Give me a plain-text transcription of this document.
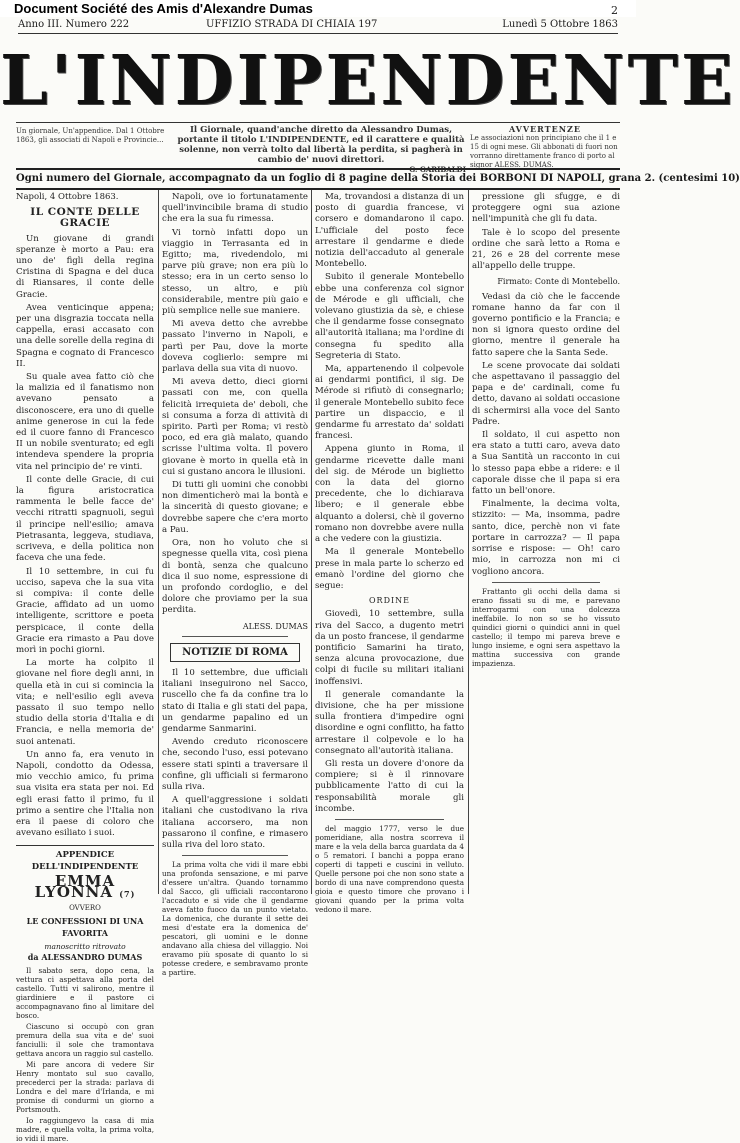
Document Société des Amis d'Alexandre Dumas	2
Anno III. Numero 222	UFFIZIO STRADA DI CHIAIA 197	Lunedì 5 Ottobre 1863
L'INDIPENDENTE
Un giornale, Un'appendice. Dal 1 Ottobre 1863, gli associati di Napoli e Provincie...
Il Giornale, quand'anche diretto da Alessandro Dumas, portante il titolo L'INDIPENDENTE, ed il carattere e qualità solenne, non verrà tolto dal libertà la perdita, si pagherà in cambio de' nuovi direttori.
G. GARIBALDI
AVVERTENZE
Le associazioni non principiano che il 1 e 15 di ogni mese. Gli abbonati di fuori non vorranno direttamente franco di porto al signor ALESS. DUMAS.
Ogni numero del Giornale, accompagnato da un foglio di 8 pagine della Storia dei BORBONI DI NAPOLI, grana 2. (centesimi 10)
Napoli, 4 Ottobre 1863.
IL CONTE DELLE GRACIE

Un giovane di grandi speranze è morto a Pau: era uno de' figli della regina Cristina di Spagna e del duca di Riansares, il conte delle Gracie.

Avea venticinque appena; per una disgrazia toccata nella cappella, erasi accasato con una delle sorelle della regina di Spagna e cognato di Francesco II.

Su quale avea fatto ciò che la malizia ed il fanatismo non avevano pensato a disconoscere, era uno di quelle anime generose in cui la fede ed il cuore fanno di Francesco II un nobile sventurato; ed egli intendeva spendere la propria vita nel principio de' re vinti.

Il conte delle Gracie, di cui la figura aristocratica rammenta le belle facce de' vecchi ritratti spagnuoli, seguì il principe nell'esilio; amava Pietrasanta, leggeva, studiava, scriveva, e della politica non faceva che una fede.

Il 10 settembre, in cui fu ucciso, sapeva che la sua vita si compiva: il conte delle Gracie, affidato ad un uomo intelligente, scrittore e poeta perspicace, il conte della Gracie era rimasto a Pau dove morì in pochi giorni.

La morte ha colpito il giovane nel fiore degli anni, in quella età in cui si comincia la vita; e nell'esilio egli aveva passato il suo tempo nello studio della storia d'Italia e di Francia, e nella memoria de' suoi antenati.

Un anno fa, era venuto in Napoli, condotto da Odessa, mio vecchio amico, fu prima sua visita era stata per noi. Ed egli erasi fatto il primo, fu il primo a sentire che l'Italia non era il paese di coloro che avevano esiliato i suoi.

APPENDICE DELL'INDIPENDENTE
EMMA LYONNA (7)
OVVERO
LE CONFESSIONI DI UNA FAVORITA
manoscritto ritrovato
da ALESSANDRO DUMAS

Il sabato sera, dopo cena, la vettura ci aspettava alla porta del castello. Tutti vi salirono, mentre il giardiniere e il pastore ci accompagnavano fino al limitare del bosco.

Ciascuno si occupò con gran premura della sua vita e de' suoi fanciulli: il sole che tramontava gettava ancora un raggio sul castello.

Mi pare ancora di vedere Sir Henry montato sul suo cavallo, precederci per la strada: parlava di Londra e del mare d'Irlanda, e mi promise di condurmi un giorno a Portsmouth.

Io raggiungevo la casa di mia madre, e quella volta, la prima volta, io vidi il mare.

Napoli, ove io fortunatamente quell'invincibile brama di studio che era la sua fu rimessa.

Vi tornò infatti dopo un viaggio in Terrasanta ed in Egitto; ma, rivedendolo, mi parve più grave; non era più lo stesso; era in un certo senso lo stesso, un altro, e più considerabile, mentre più gaio e più semplice nelle sue maniere.

Mi aveva detto che avrebbe passato l'inverno in Napoli, e partì per Pau, dove la morte doveva coglierlo: sempre mi parlava della sua vita di nuovo.

Mi aveva detto, dieci giorni passati con me, con quella felicità irrequieta de' deboli, che si consuma a forza di attività di spirito. Partì per Roma; vi restò poco, ed era già malato, quando scrisse l'ultima volta. Il povero giovane è morto in quella età in cui si gustano ancora le illusioni.

Di tutti gli uomini che conobbi non dimenticherò mai la bontà e la sincerità di questo giovane; e dovrebbe sapere che c'era morto a Pau.

Ora, non ho voluto che si spegnesse quella vita, così piena di bontà, senza che qualcuno dica il suo nome, espressione di un profondo cordoglio, e del dolore che proviamo per la sua perdita.

ALESS. DUMAS
NOTIZIE DI ROMA

Il 10 settembre, due ufficiali italiani inseguirono nel Sacco, ruscello che fa da confine tra lo stato di Italia e gli stati del papa, un gendarme papalino ed un gendarme Sanmarini.

Avendo creduto riconoscere che, secondo l'uso, essi potevano essere stati spinti a traversare il confine, gli ufficiali si fermarono sulla riva.

A quell'aggressione i soldati italiani che custodivano la riva italiana accorsero, ma non passarono il confine, e rimasero sulla riva del loro stato.

La prima volta che vidi il mare ebbi una profonda sensazione, e mi parve d'essere un'altra. Quando tornammo dal Sacco, gli ufficiali raccontarono l'accaduto e si vide che il gendarme aveva fatto fuoco da un punto vietato. La domenica, che durante il sette dei mesi d'estate era la domenica de' pescatori, gli uomini e le donne andavano alla chiesa del villaggio. Noi eravamo più sposate di quanto lo si potesse credere, e sembravamo pronte a partire.

Ma, trovandosi a distanza di un posto di guardia francese, vi corsero e domandarono il capo. L'ufficiale del posto fece arrestare il gendarme e diede notizia dell'accaduto al generale Montebello.

Subito il generale Montebello ebbe una conferenza col signor de Mérode e gli ufficiali, che volevano giustizia da sè, e chiese che il gendarme fosse consegnato all'autorità italiana; ma l'ordine di consegna fu spedito alla Segreteria di Stato.

Ma, appartenendo il colpevole ai gendarmi pontifici, il sig. De Mérode si rifiutò di consegnarlo; il generale Montebello subito fece partire un dispaccio, e il gendarme fu arrestato da' soldati francesi.

Appena giunto in Roma, il gendarme ricevette dalle mani del sig. de Mérode un biglietto con la data del giorno precedente, che lo dichiarava libero; e il generale ebbe alquanto a dolersi, chè il governo romano non dovrebbe avere nulla a che vedere con la giustizia.

Ma il generale Montebello prese in mala parte lo scherzo ed emanò l'ordine del giorno che segue:

ORDINE

Giovedì, 10 settembre, sulla riva del Sacco, a dugento metri da un posto francese, il gendarme pontificio Samarini ha tirato, senza alcuna provocazione, due colpi di fucile su militari italiani inoffensivi.

Il generale comandante la divisione, che ha per missione sulla frontiera d'impedire ogni disordine e ogni conflitto, ha fatto arrestare il colpevole e lo ha consegnato all'autorità italiana.

Gli resta un dovere d'onore da compiere; si è il rinnovare pubblicamente l'atto di cui la responsabilità morale gli incombe.

del maggio 1777, verso le due pomeridiane, alla nostra scorreva il mare e la vela della barca guardata da 4 o 5 rematori. I banchi a poppa erano coperti di tappeti e cuscini in velluto. Quelle persone poi che non sono state a bordo di una nave comprendono questa gioia e questo timore che provano i giovani quando per la prima volta vedono il mare.

pressione gli sfugge, e di proteggere ogni sua azione nell'impunità che gli fu data.

Tale è lo scopo del presente ordine che sarà letto a Roma e 21, 26 e 28 del corrente mese all'appello delle truppe.

Firmato: Conte di Montebello.

Vedasi da ciò che le faccende romane hanno da far con il governo pontificio e la Francia; e non si ignora questo ordine del giorno, mentre il generale ha fatto sapere che la Santa Sede.

Le scene provocate dai soldati che aspettavano il passaggio del papa e de' cardinali, come fu detto, davano ai soldati occasione di schermirsi alla voce del Santo Padre.

Il soldato, il cui aspetto non era stato a tutti caro, aveva dato a Sua Santità un racconto in cui lo stesso papa ebbe a ridere: e il caporale disse che il papa si era fatto un bell'onore.

Finalmente, la decima volta, stizzito: — Ma, insomma, padre santo, dice, perchè non vi fate portare in carrozza? — Il papa sorrise e rispose: — Oh! caro mio, in carrozza non mi ci vogliono ancora.

Frattanto gli occhi della dama si erano fissati su di me, e parevano interrogarmi con una dolcezza ineffabile. Io non so se ho vissuto quindici giorni o quindici anni in quel castello; il tempo mi pareva breve e lungo insieme, e ogni sera aspettavo la mattina successiva con grande impazienza.
